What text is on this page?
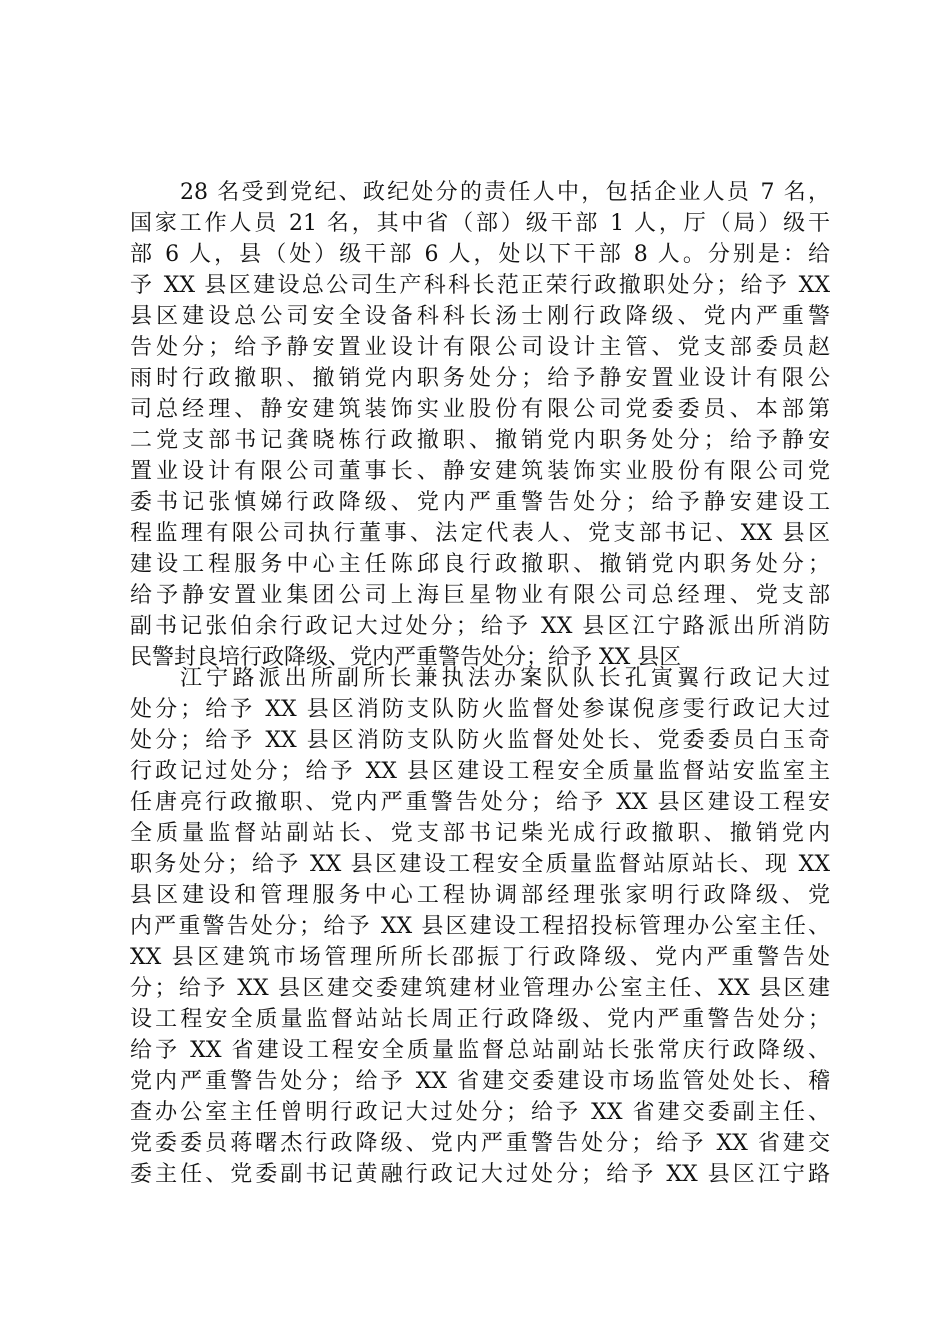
28 名受到党纪、政纪处分的责任人中，包括企业人员 7 名，
国家工作人员 21 名，其中省（部）级干部 1 人，厅（局）级干
部 6 人，县（处）级干部 6 人，处以下干部 8 人。分别是：给
予 XX 县区建设总公司生产科科长范正荣行政撤职处分；给予 XX
县区建设总公司安全设备科科长汤士刚行政降级、党内严重警
告处分；给予静安置业设计有限公司设计主管、党支部委员赵
雨时行政撤职、撤销党内职务处分；给予静安置业设计有限公
司总经理、静安建筑装饰实业股份有限公司党委委员、本部第
二党支部书记龚晓栋行政撤职、撤销党内职务处分；给予静安
置业设计有限公司董事长、静安建筑装饰实业股份有限公司党
委书记张慎娣行政降级、党内严重警告处分；给予静安建设工
程监理有限公司执行董事、法定代表人、党支部书记、XX 县区
建设工程服务中心主任陈邱良行政撤职、撤销党内职务处分；
给予静安置业集团公司上海巨星物业有限公司总经理、党支部
副书记张伯余行政记大过处分；给予 XX 县区江宁路派出所消防
民警封良培行政降级、党内严重警告处分；给予 XX 县区
江宁路派出所副所长兼执法办案队队长孔寅翼行政记大过
处分；给予 XX 县区消防支队防火监督处参谋倪彦雯行政记大过
处分；给予 XX 县区消防支队防火监督处处长、党委委员白玉奇
行政记过处分；给予 XX 县区建设工程安全质量监督站安监室主
任唐亮行政撤职、党内严重警告处分；给予 XX 县区建设工程安
全质量监督站副站长、党支部书记柴光成行政撤职、撤销党内
职务处分；给予 XX 县区建设工程安全质量监督站原站长、现 XX
县区建设和管理服务中心工程协调部经理张家明行政降级、党
内严重警告处分；给予 XX 县区建设工程招投标管理办公室主任、
XX 县区建筑市场管理所所长邵振丁行政降级、党内严重警告处
分；给予 XX 县区建交委建筑建材业管理办公室主任、XX 县区建
设工程安全质量监督站站长周正行政降级、党内严重警告处分；
给予 XX 省建设工程安全质量监督总站副站长张常庆行政降级、
党内严重警告处分；给予 XX 省建交委建设市场监管处处长、稽
查办公室主任曾明行政记大过处分；给予 XX 省建交委副主任、
党委委员蒋曙杰行政降级、党内严重警告处分；给予 XX 省建交
委主任、党委副书记黄融行政记大过处分；给予 XX 县区江宁路
